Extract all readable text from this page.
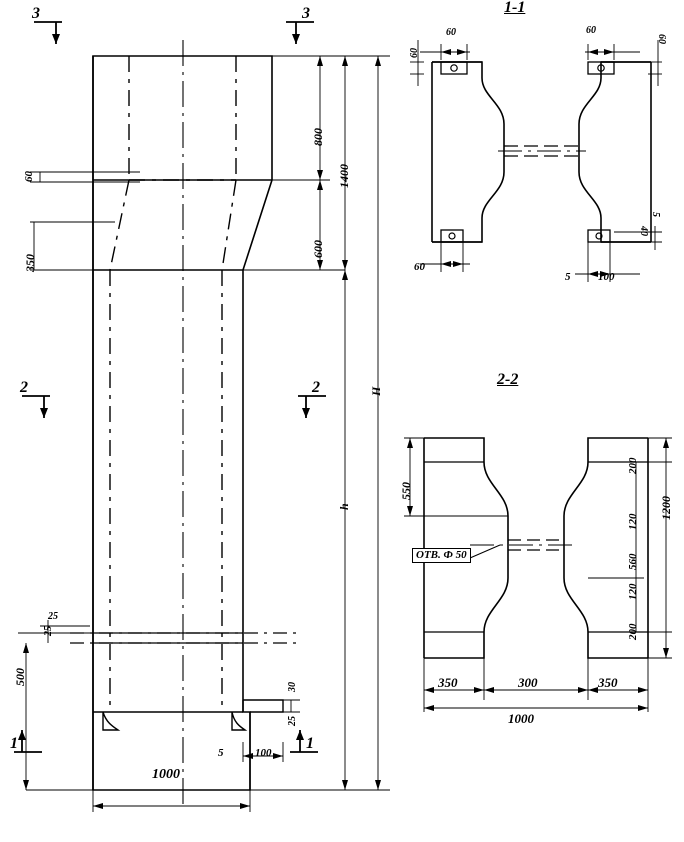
3	3
2	2
1	1
1-1
2-2
60
350
800
600
1400
H
h
25
25
500
1000
5	100
30
25
60
60
60
60
60
5	100
5
40
550
200
120
560
120
200
1200
350	300	350
1000
ОТВ. Ф 50
